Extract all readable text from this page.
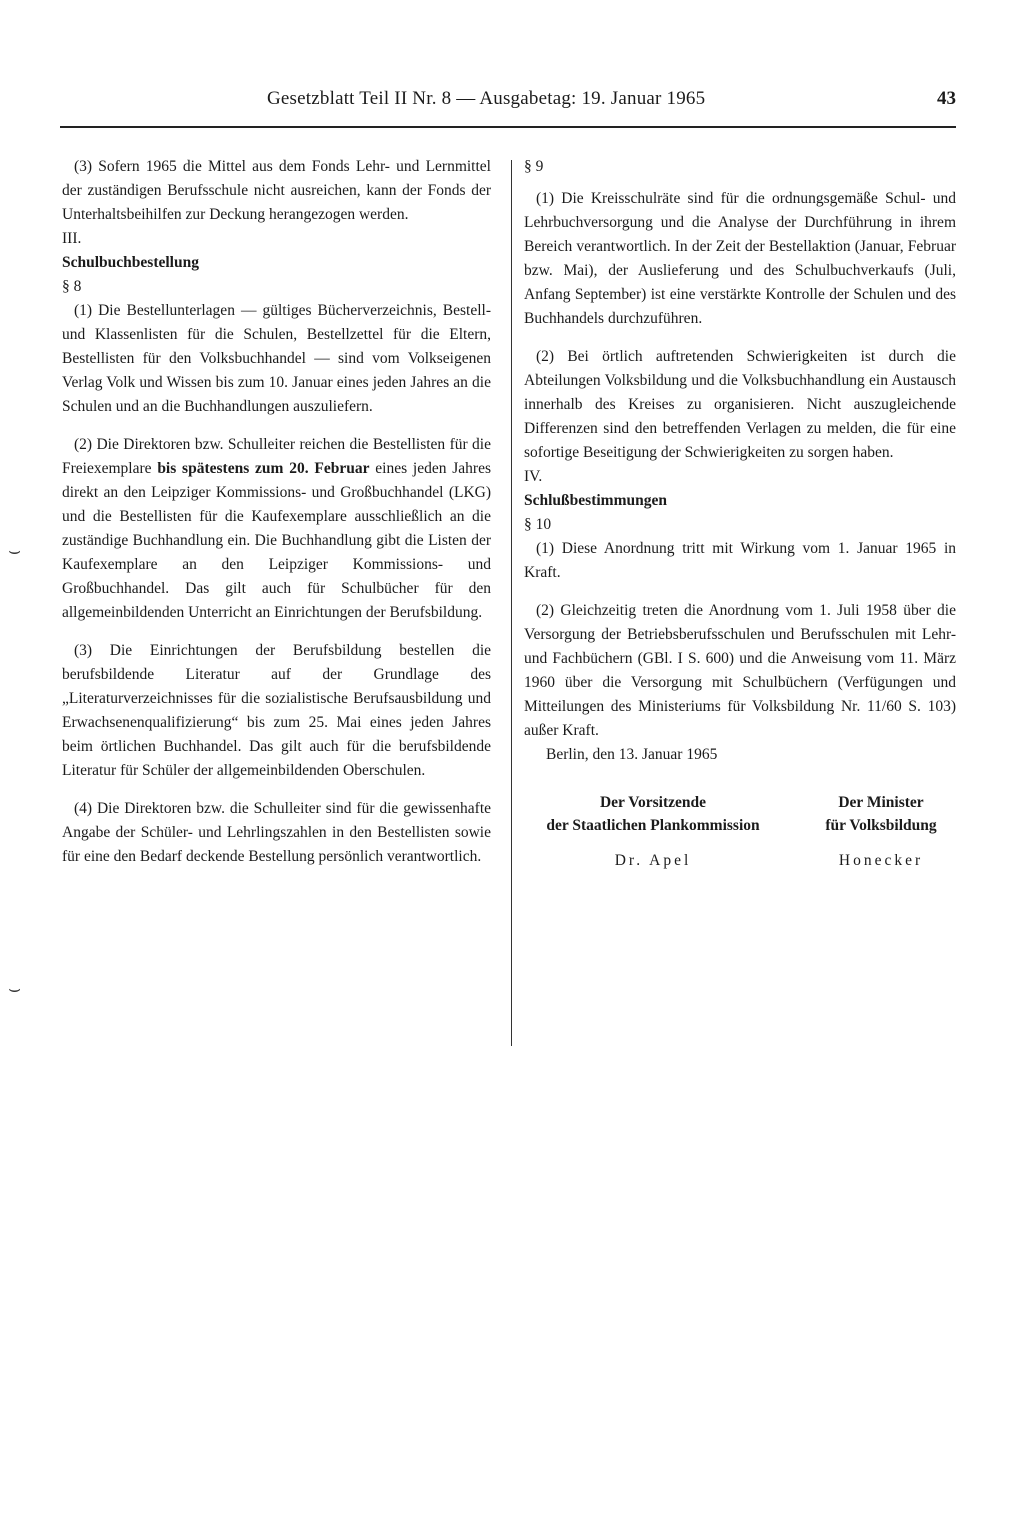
Gesetzblatt Teil II Nr. 8 — Ausgabetag: 19. Januar 1965	43
⌣
⌣

(3) Sofern 1965 die Mittel aus dem Fonds Lehr- und Lernmittel der zuständigen Berufsschule nicht ausreichen, kann der Fonds der Unterhaltsbeihilfen zur Deckung herangezogen werden.

III.

Schulbuchbestellung

§ 8

(1) Die Bestellunterlagen — gültiges Bücherverzeichnis, Bestell- und Klassenlisten für die Schulen, Bestellzettel für die Eltern, Bestellisten für den Volksbuchhandel — sind vom Volkseigenen Verlag Volk und Wissen bis zum 10. Januar eines jeden Jahres an die Schulen und an die Buchhandlungen auszuliefern.

(2) Die Direktoren bzw. Schulleiter reichen die Bestellisten für die Freiexemplare bis spätestens zum 20. Februar eines jeden Jahres direkt an den Leipziger Kommissions- und Großbuchhandel (LKG) und die Bestellisten für die Kaufexemplare ausschließlich an die zuständige Buchhandlung ein. Die Buchhandlung gibt die Listen der Kaufexemplare an den Leipziger Kommissions- und Großbuchhandel. Das gilt auch für Schulbücher für den allgemeinbildenden Unterricht an Einrichtungen der Berufsbildung.

(3) Die Einrichtungen der Berufsbildung bestellen die berufsbildende Literatur auf der Grundlage des „Literaturverzeichnisses für die sozialistische Berufsausbildung und Erwachsenenqualifizierung“ bis zum 25. Mai eines jeden Jahres beim örtlichen Buchhandel. Das gilt auch für die berufsbildende Literatur für Schüler der allgemeinbildenden Oberschulen.

(4) Die Direktoren bzw. die Schulleiter sind für die gewissenhafte Angabe der Schüler- und Lehrlingszahlen in den Bestellisten sowie für eine den Bedarf deckende Bestellung persönlich verantwortlich.

§ 9

(1) Die Kreisschulräte sind für die ordnungsgemäße Schul- und Lehrbuchversorgung und die Analyse der Durchführung in ihrem Bereich verantwortlich. In der Zeit der Bestellaktion (Januar, Februar bzw. Mai), der Auslieferung und des Schulbuchverkaufs (Juli, Anfang September) ist eine verstärkte Kontrolle der Schulen und des Buchhandels durchzuführen.

(2) Bei örtlich auftretenden Schwierigkeiten ist durch die Abteilungen Volksbildung und die Volksbuchhandlung ein Austausch innerhalb des Kreises zu organisieren. Nicht auszugleichende Differenzen sind den betreffenden Verlagen zu melden, die für eine sofortige Beseitigung der Schwierigkeiten zu sorgen haben.

IV.

Schlußbestimmungen

§ 10

(1) Diese Anordnung tritt mit Wirkung vom 1. Januar 1965 in Kraft.

(2) Gleichzeitig treten die Anordnung vom 1. Juli 1958 über die Versorgung der Betriebsberufsschulen und Berufsschulen mit Lehr- und Fachbüchern (GBl. I S. 600) und die Anweisung vom 11. März 1960 über die Versorgung mit Schulbüchern (Verfügungen und Mitteilungen des Ministeriums für Volksbildung Nr. 11/60 S. 103) außer Kraft.

Berlin, den 13. Januar 1965

Der Vorsitzende
der Staatlichen Plankommission
Der Minister
für Volksbildung
Dr. Apel	Honecker
